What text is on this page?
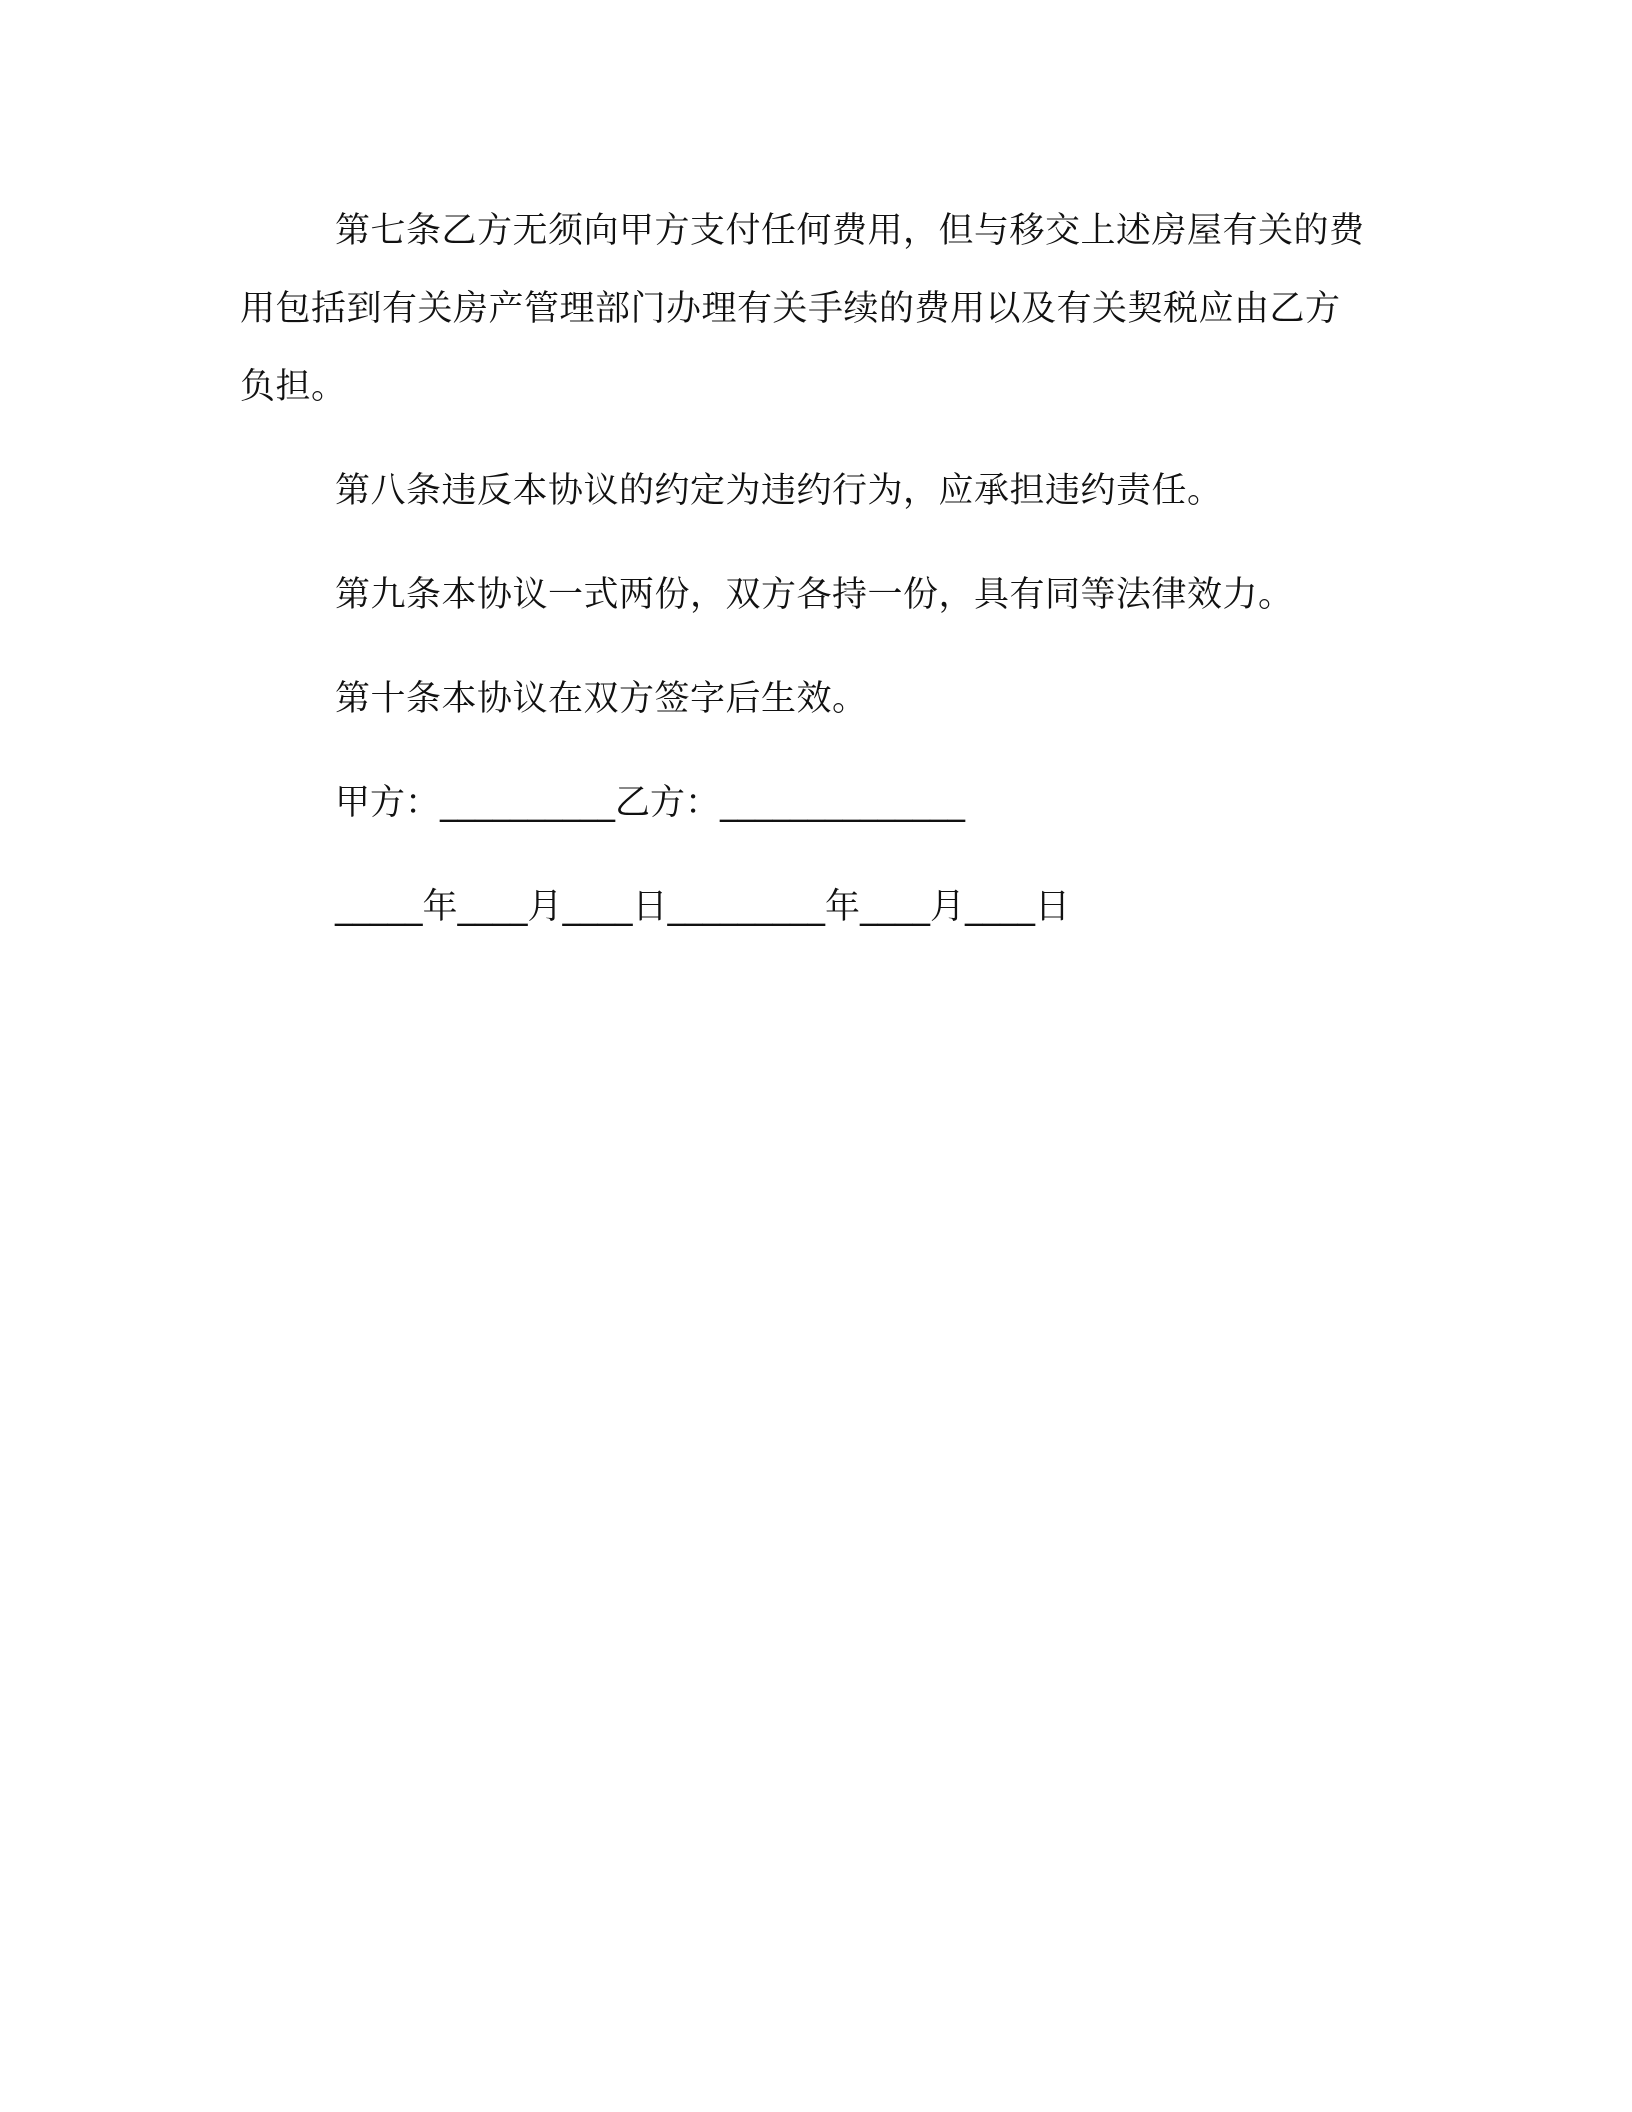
第七条乙方无须向甲方支付任何费用，但与移交上述房屋有关的费用包括到有关房产管理部门办理有关手续的费用以及有关契税应由乙方负担。

第八条违反本协议的约定为违约行为，应承担违约责任。

第九条本协议一式两份，双方各持一份，具有同等法律效力。

第十条本协议在双方签字后生效。

甲方：__________乙方：______________

_____年____月____日_________年____月____日
